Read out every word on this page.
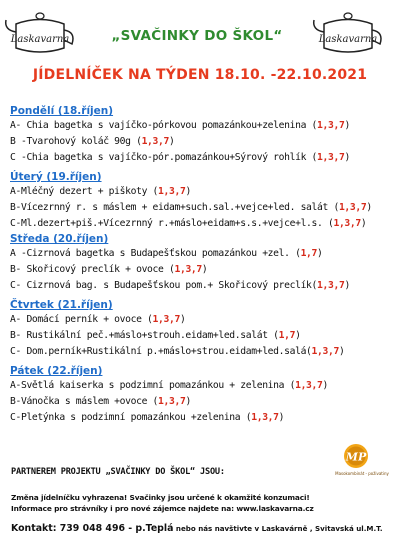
Laskavarna	Laskavarna
„SVAČINKY DO ŠKOL“
JÍDELNÍČEK NA TÝDEN 18.10. -22.10.2021
Pondělí (18.říjen)
A- Chia bagetka s vajíčko-pórkovou pomazánkou+zelenina (1,3,7)
B -Tvarohový koláč 90g (1,3,7)
C -Chia bagetka s vajíčko-pór.pomazánkou+Sýrový rohlík (1,3,7)
Úterý (19.říjen)
A-Mléčný dezert + piškoty (1,3,7)
B-Vícezrnný r. s máslem + eidam+such.sal.+vejce+led. salát (1,3,7)
C-Ml.dezert+piš.+Vícezrnný r.+máslo+eidam+s.s.+vejce+l.s. (1,3,7)
Středa (20.říjen)
A -Cizrnová bagetka s Budapešťskou pomazánkou +zel. (1,7)
B- Skořicový preclík + ovoce (1,3,7)
C- Cizrnová bag. s Budapešťskou pom.+ Skořicový preclík(1,3,7)
Čtvrtek (21.říjen)
A- Domácí perník + ovoce (1,3,7)
B- Rustikální peč.+máslo+strouh.eidam+led.salát (1,7)
C- Dom.perník+Rustikální p.+máslo+strou.eidam+led.salá(1,3,7)
Pátek (22.říjen)
A-Světlá kaiserka s podzimní pomazánkou + zelenina (1,3,7)
B-Vánočka s máslem +ovoce (1,3,7)
C-Pletýnka s podzimní pomazánkou +zelenina (1,3,7)
PARTNEREM PROJEKTU „SVAČINKY DO ŠKOL“ JSOU:
MP
Masokombinát - poživatiny
Změna jídelníčku vyhrazena! Svačinky jsou určené k okamžité konzumaci!
Informace pro strávníky i pro nové zájemce najdete na: www.laskavarna.cz
Kontakt: 739 048 496 - p.Teplá nebo nás navštivte v Laskavárně , Svitavská ul.M.T.
